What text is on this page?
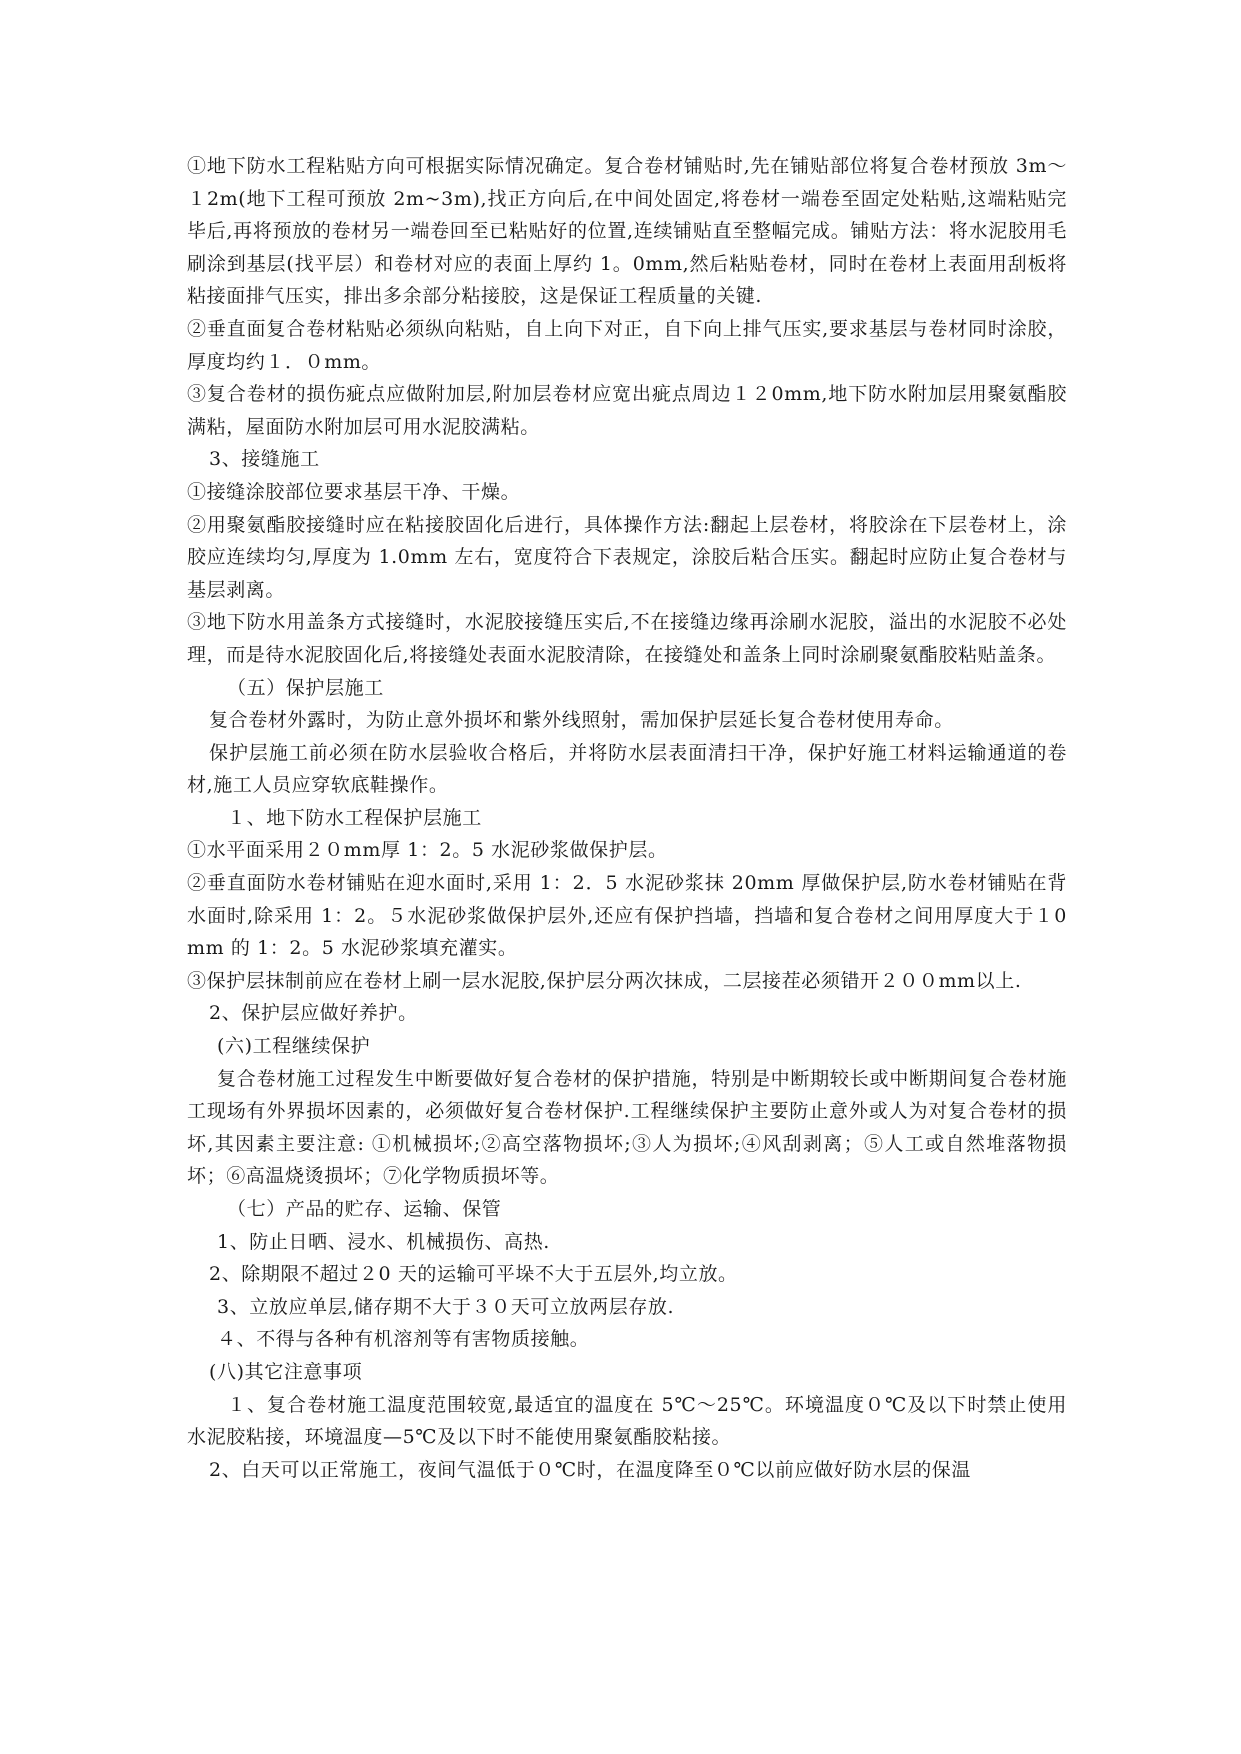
①地下防水工程粘贴方向可根据实际情况确定。复合卷材铺贴时,先在铺贴部位将复合卷材预放 3m～１2m(地下工程可预放 2m~3m),找正方向后,在中间处固定,将卷材一端卷至固定处粘贴,这端粘贴完毕后,再将预放的卷材另一端卷回至已粘贴好的位置,连续铺贴直至整幅完成。铺贴方法：将水泥胶用毛刷涂到基层(找平层）和卷材对应的表面上厚约 1。0mm,然后粘贴卷材，同时在卷材上表面用刮板将粘接面排气压实，排出多余部分粘接胶，这是保证工程质量的关键.

②垂直面复合卷材粘贴必须纵向粘贴，自上向下对正，自下向上排气压实,要求基层与卷材同时涂胶，厚度均约１．０mm。

③复合卷材的损伤疵点应做附加层,附加层卷材应宽出疵点周边１２0mm,地下防水附加层用聚氨酯胶满粘，屋面防水附加层可用水泥胶满粘。

3、接缝施工

①接缝涂胶部位要求基层干净、干燥。

②用聚氨酯胶接缝时应在粘接胶固化后进行，具体操作方法:翻起上层卷材，将胶涂在下层卷材上，涂胶应连续均匀,厚度为 1.0mm 左右，宽度符合下表规定，涂胶后粘合压实。翻起时应防止复合卷材与基层剥离。

③地下防水用盖条方式接缝时，水泥胶接缝压实后,不在接缝边缘再涂刷水泥胶，溢出的水泥胶不必处理，而是待水泥胶固化后,将接缝处表面水泥胶清除，在接缝处和盖条上同时涂刷聚氨酯胶粘贴盖条。

（五）保护层施工

复合卷材外露时，为防止意外损坏和紫外线照射，需加保护层延长复合卷材使用寿命。

保护层施工前必须在防水层验收合格后，并将防水层表面清扫干净，保护好施工材料运输通道的卷材,施工人员应穿软底鞋操作。

１、地下防水工程保护层施工

①水平面采用２０mm厚 1：2。5 水泥砂浆做保护层。

②垂直面防水卷材铺贴在迎水面时,采用 1：2．5 水泥砂浆抹 20mm 厚做保护层,防水卷材铺贴在背水面时,除采用 1：2。５水泥砂浆做保护层外,还应有保护挡墙，挡墙和复合卷材之间用厚度大于１0mm 的 1：2。5 水泥砂浆填充灌实。

③保护层抹制前应在卷材上刷一层水泥胶,保护层分两次抹成，二层接茬必须错开２００mm以上.

2、保护层应做好养护。

(六)工程继续保护

复合卷材施工过程发生中断要做好复合卷材的保护措施，特别是中断期较长或中断期间复合卷材施工现场有外界损坏因素的，必须做好复合卷材保护.工程继续保护主要防止意外或人为对复合卷材的损坏,其因素主要注意: ①机械损坏;②高空落物损坏;③人为损坏;④风刮剥离；⑤人工或自然堆落物损坏；⑥高温烧烫损坏；⑦化学物质损坏等。

（七）产品的贮存、运输、保管

1、防止日晒、浸水、机械损伤、高热.

2、除期限不超过２0 天的运输可平垛不大于五层外,均立放。

3、立放应单层,储存期不大于３０天可立放两层存放.

４、不得与各种有机溶剂等有害物质接触。

(八)其它注意事项

１、复合卷材施工温度范围较宽,最适宜的温度在 5℃～25℃。环境温度０℃及以下时禁止使用水泥胶粘接，环境温度—5℃及以下时不能使用聚氨酯胶粘接。

2、白天可以正常施工，夜间气温低于０℃时，在温度降至０℃以前应做好防水层的保温
